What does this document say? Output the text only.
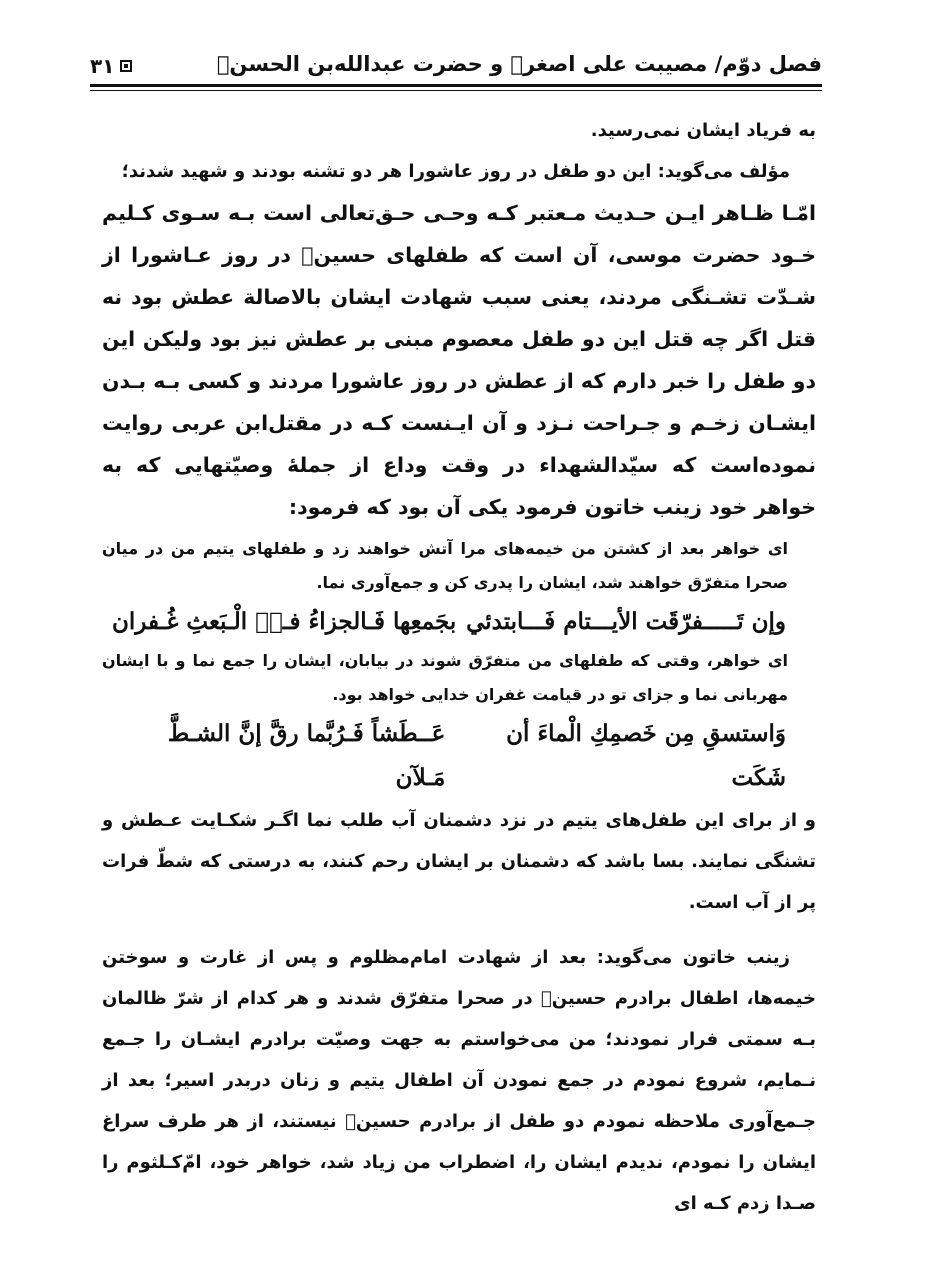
فصل دوّم/ مصیبت علی اصغرؑ و حضرت عبدالله‌بن الحسنؑ
۳۱

به فریاد ایشان نمی‌رسید.

مؤلف می‌گوید: این دو طفل در روز عاشورا هر دو تشنه بودند و شهید شدند؛

امّـا ظـاهر ایـن حـدیث مـعتبر کـه وحـی حـق‌تعالی است بـه سـوی کـلیم خـود حضرت موسی، آن است که طفلهای حسینؑ در روز عـاشورا از شـدّت تشـنگی مردند، یعنی سبب شهادت ایشان بالاصالة عطش بود نه قتل اگر چه قتل این دو طفل معصوم مبنی بر عطش نیز بود ولیکن این دو طفل را خبر دارم که از عطش در روز عاشورا مردند و کسی بـه بـدن ایشـان زخـم و جـراحت نـزد و آن ایـنست کـه در مقتل‌ابن عربی روایت نموده‌است که سیّدالشهداء در وقت وداع از جملهٔ وصیّتهایی که به خواهر خود زینب خاتون فرمود یکی آن بود که فرمود:

ای خواهر بعد از کشتن من خیمه‌های مرا آتش خواهند زد و طفلهای یتیم من در میان صحرا متفرّق خواهند شد، ایشان را پدری کن و جمع‌آوری نما.

وإن تَـــــفرّقَت الأیـــتام فَـــابتدئي
بجَمعِها فَـالجزاءُ فـیٖ الْـبَعثِ غُـفران

ای خواهر، وقتی که طفلهای من متفرّق شوند در بیابان، ایشان را جمع نما و با ایشان مهربانی نما و جزای تو در قیامت غفران خدایی خواهد بود.

وَاستسقِ مِن خَصمِكِ الْماءَ أن شَكَت
عَــطَشاً فَـرُبَّما رقَّ إنَّ الشـطَّ مَـلآن

و از برای این طفل‌های یتیم در نزد دشمنان آب طلب نما اگـر شکـایت عـطش و تشنگی نمایند. بسا باشد که دشمنان بر ایشان رحم کنند، به درستی که شطّ فرات پر از آب است.

زینب خاتون می‌گوید: بعد از شهادت امام‌مظلوم و پس از غارت و سوختن خیمه‌ها، اطفال برادرم حسینؑ در صحرا متفرّق شدند و هر کدام از شرّ ظالمان بـه سمتی فرار نمودند؛ من می‌خواستم به جهت وصیّت برادرم ایشـان را جـمع نـمایم، شروع نمودم در جمع نمودن آن اطفال یتیم و زنان دربدر اسیر؛ بعد از جـمع‌آوری ملاحظه نمودم دو طفل از برادرم حسینؑ نیستند، از هر طرف سراغ ایشان را نمودم، ندیدم ایشان را، اضطراب من زیاد شد، خواهر خود، امّ‌کـلثوم را صـدا زدم کـه ای
